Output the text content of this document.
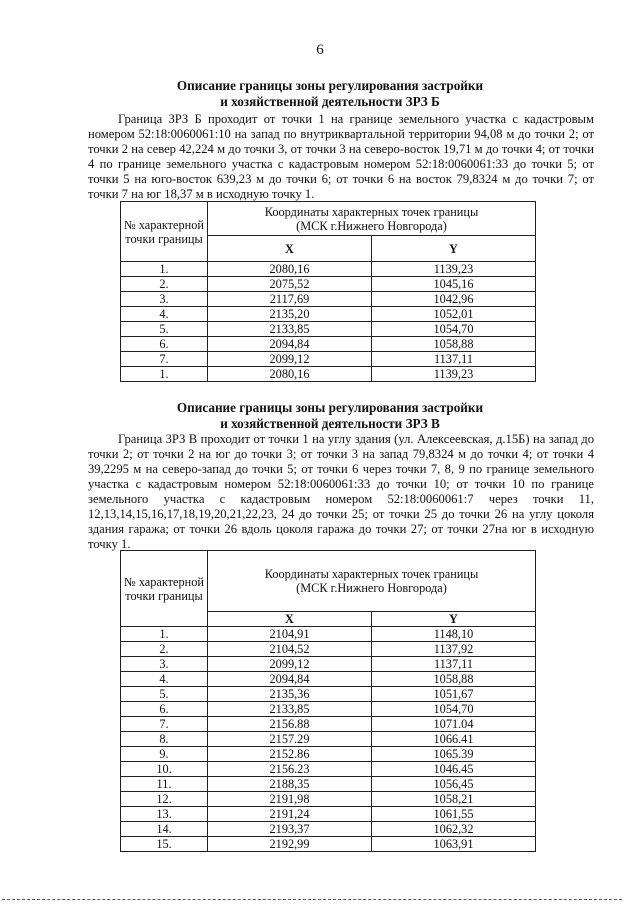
6
Описание границы зоны регулирования застройки
и хозяйственной деятельности ЗРЗ Б
Граница ЗРЗ Б проходит от точки 1 на границе земельного участка с кадастровым номером 52:18:0060061:10 на запад по внутриквартальной территории 94,08 м до точки 2; от точки 2 на север 42,224 м до точки 3, от точки 3 на северо-восток 19,71 м до точки 4; от точки 4 по границе земельного участка с кадастровым номером 52:18:0060061:33 до точки 5; от точки 5 на юго-восток 639,23 м до точки 6; от точки 6 на восток 79,8324 м до точки 7; от точки 7 на юг 18,37 м в исходную точку 1.
№ характерной точки границы	Координаты характерных точек границы
(МСК г.Нижнего Новгорода)	

	X	Y
1.	2080,16	1139,23
2.	2075,52	1045,16
3.	2117,69	1042,96
4.	2135,20	1052,01
5.	2133,85	1054,70
6.	2094,84	1058,88
7.	2099,12	1137,11
1.	2080,16	1139,23
Описание границы зоны регулирования застройки
и хозяйственной деятельности ЗРЗ В
Граница ЗРЗ В проходит от точки 1 на углу здания (ул. Алексеевская, д.15Б) на запад до точки 2; от точки 2 на юг до точки 3; от точки 3 на запад 79,8324 м до точки 4; от точки 4 39,2295 м на северо-запад до точки 5; от точки 6 через точки 7, 8, 9 по границе земельного участка с кадастровым номером 52:18:0060061:33 до точки 10; от точки 10 по границе земельного участка с кадастровым номером 52:18:0060061:7 через точки 11, 12,13,14,15,16,17,18,19,20,21,22,23, 24 до точки 25; от точки 25 до точки 26 на углу цоколя здания гаража; от точки 26 вдоль цоколя гаража до точки 27; от точки 27на юг в исходную точку 1.
№ характерной точки границы	Координаты характерных точек границы
(МСК г.Нижнего Новгорода)	

	X	Y
1.	2104,91	1148,10
2.	2104,52	1137,92
3.	2099,12	1137,11
4.	2094,84	1058,88
5.	2135,36	1051,67
6.	2133,85	1054,70
7.	2156.88	1071.04
8.	2157.29	1066.41
9.	2152.86	1065.39
10.	2156.23	1046.45
11.	2188,35	1056,45
12.	2191,98	1058,21
13.	2191,24	1061,55
14.	2193,37	1062,32
15.	2192,99	1063,91
